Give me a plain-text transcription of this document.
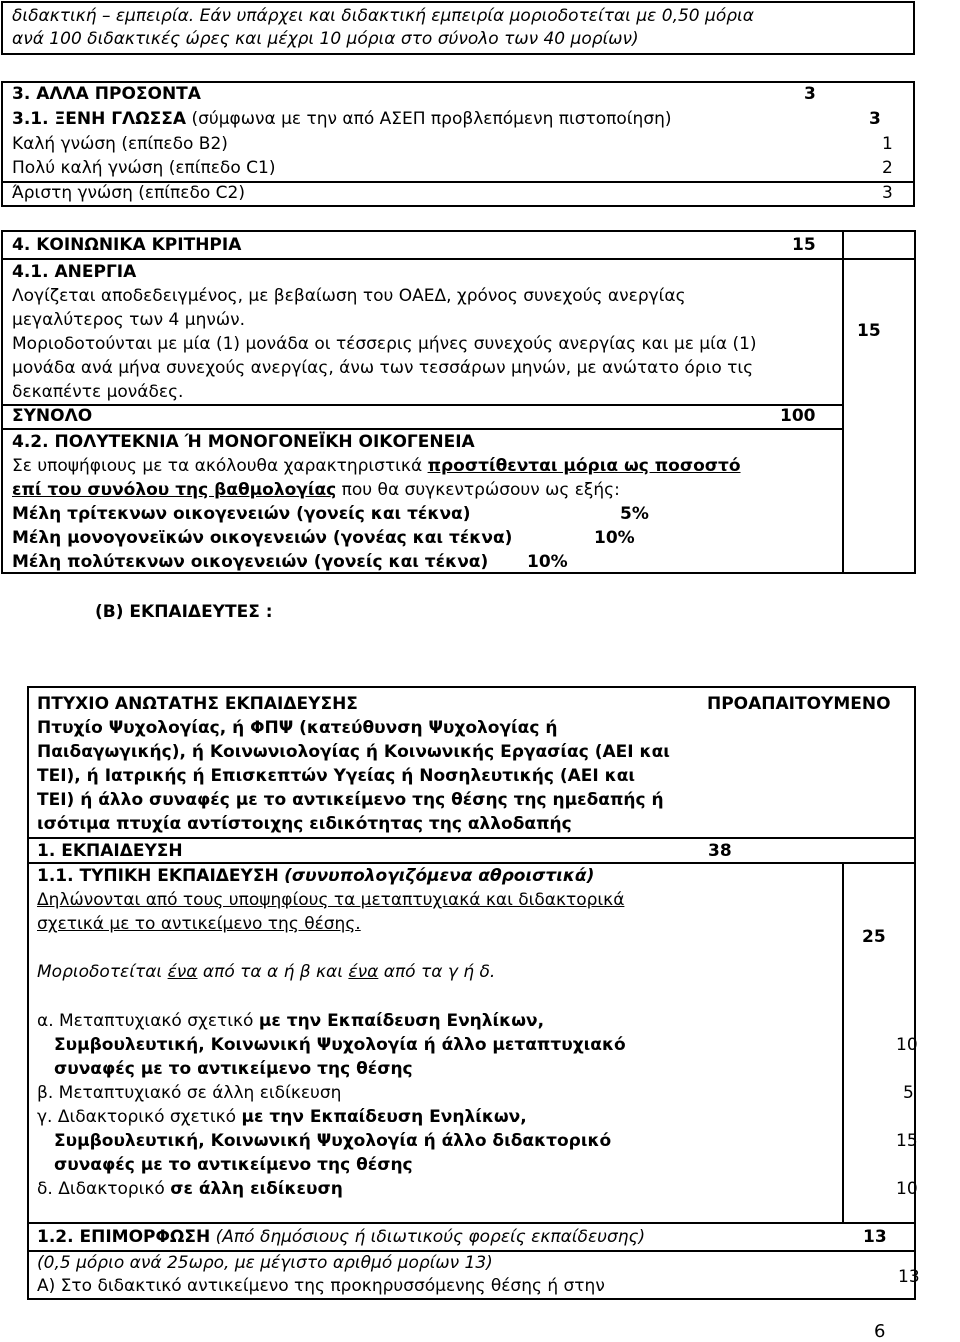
διδακτική – εμπειρία. Εάν υπάρχει και διδακτική εμπειρία μοριοδοτείται με 0,50 μόρια
ανά 100 διδακτικές ώρες και μέχρι 10 μόρια στο σύνολο των 40 μορίων)
3. ΑΛΛΑ ΠΡΟΣΟΝΤΑ	3
3.1. ΞΕΝΗ ΓΛΩΣΣΑ (σύμφωνα με την από ΑΣΕΠ προβλεπόμενη πιστοποίηση)	3
Καλή γνώση (επίπεδο Β2)	1
Πολύ καλή γνώση (επίπεδο C1)	2
Άριστη γνώση (επίπεδο C2)	3
4. ΚΟΙΝΩΝΙΚΑ ΚΡΙΤΗΡΙΑ	15
4.1. ΑΝΕΡΓΙΑ
Λογίζεται αποδεδειγμένος, με βεβαίωση του ΟΑΕΔ, χρόνος συνεχούς ανεργίας
μεγαλύτερος των 4 μηνών.
Μοριοδοτούνται με μία (1) μονάδα οι τέσσερις μήνες συνεχούς ανεργίας και με μία (1)
μονάδα ανά μήνα συνεχούς ανεργίας, άνω των τεσσάρων μηνών, με ανώτατο όριο τις
δεκαπέντε μονάδες.
15
ΣΥΝΟΛΟ	100
4.2. ΠΟΛΥΤΕΚΝΙΑ Ή ΜΟΝΟΓΟΝΕΪΚΗ ΟΙΚΟΓΕΝΕΙΑ
Σε υποψήφιους με τα ακόλουθα χαρακτηριστικά προστίθενται μόρια ως ποσοστό
επί του συνόλου της βαθμολογίας που θα συγκεντρώσουν ως εξής:
Μέλη τρίτεκνων οικογενειών (γονείς και τέκνα)	5%
Μέλη μονογονεϊκών οικογενειών (γονέας και τέκνα)	10%
Μέλη πολύτεκνων οικογενειών (γονείς και τέκνα) 10%
(Β) ΕΚΠΑΙΔΕΥΤΕΣ :
ΠΤΥΧΙΟ ΑΝΩΤΑΤΗΣ ΕΚΠΑΙΔΕΥΣΗΣ	ΠΡΟΑΠΑΙΤΟΥΜΕΝΟ
Πτυχίο Ψυχολογίας, ή ΦΠΨ (κατεύθυνση Ψυχολογίας ή
Παιδαγωγικής), ή Κοινωνιολογίας ή Κοινωνικής Εργασίας (ΑΕΙ και
ΤΕΙ), ή Ιατρικής ή Επισκεπτών Υγείας ή Νοσηλευτικής (ΑΕΙ και
ΤΕΙ) ή άλλο συναφές με το αντικείμενο της θέσης της ημεδαπής ή
ισότιμα πτυχία αντίστοιχης ειδικότητας της αλλοδαπής
1. ΕΚΠΑΙΔΕΥΣΗ	38
1.1. ΤΥΠΙΚΗ ΕΚΠΑΙΔΕΥΣΗ (συνυπολογιζόμενα αθροιστικά)
Δηλώνονται από τους υποψηφίους τα μεταπτυχιακά και διδακτορικά
σχετικά με το αντικείμενο της θέσης.
25
Μοριοδοτείται ένα από τα α ή β και ένα από τα γ ή δ.
α. Μεταπτυχιακό σχετικό με την Εκπαίδευση Ενηλίκων,
Συμβουλευτική, Κοινωνική Ψυχολογία ή άλλο μεταπτυχιακό
συναφές με το αντικείμενο της θέσης
10
β. Μεταπτυχιακό σε άλλη ειδίκευση	5
γ. Διδακτορικό σχετικό με την Εκπαίδευση Ενηλίκων,
Συμβουλευτική, Κοινωνική Ψυχολογία ή άλλο διδακτορικό
συναφές με το αντικείμενο της θέσης
15
δ. Διδακτορικό σε άλλη ειδίκευση	10
1.2. ΕΠΙΜΟΡΦΩΣΗ (Από δημόσιους ή ιδιωτικούς φορείς εκπαίδευσης)	13
(0,5 μόριο ανά 25ωρο, με μέγιστο αριθμό μορίων 13)
Α) Στο διδακτικό αντικείμενο της προκηρυσσόμενης θέσης ή στην	13
6
